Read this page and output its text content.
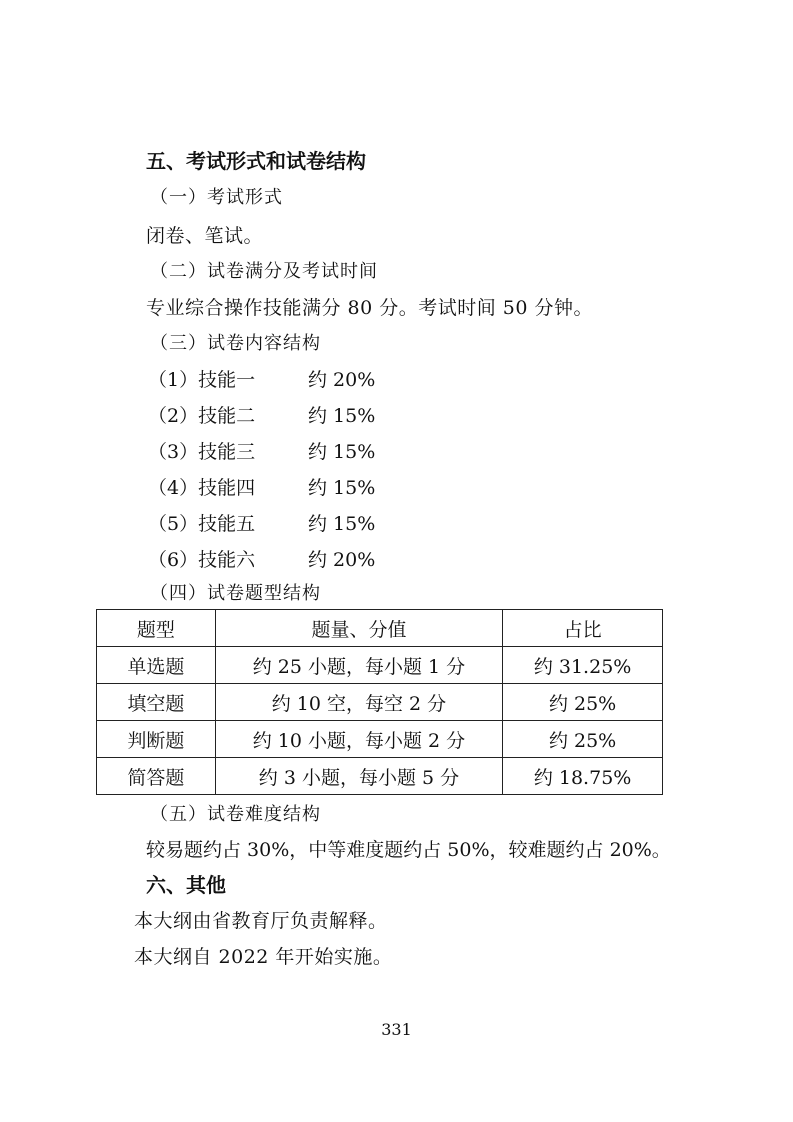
五、考试形式和试卷结构
（一）考试形式
闭卷、笔试。
（二）试卷满分及考试时间
专业综合操作技能满分 80 分。考试时间 50 分钟。
（三）试卷内容结构
（1）技能一	约 20%
（2）技能二	约 15%
（3）技能三	约 15%
（4）技能四	约 15%
（5）技能五	约 15%
（6）技能六	约 20%
（四）试卷题型结构
题型	题量、分值	占比
单选题	约 25 小题，每小题 1 分	约 31.25%
填空题	约 10 空，每空 2 分	约 25%
判断题	约 10 小题，每小题 2 分	约 25%
简答题	约 3 小题，每小题 5 分	约 18.75%
（五）试卷难度结构
较易题约占 30%，中等难度题约占 50%，较难题约占 20%。
六、其他
本大纲由省教育厅负责解释。
本大纲自 2022 年开始实施。
331
